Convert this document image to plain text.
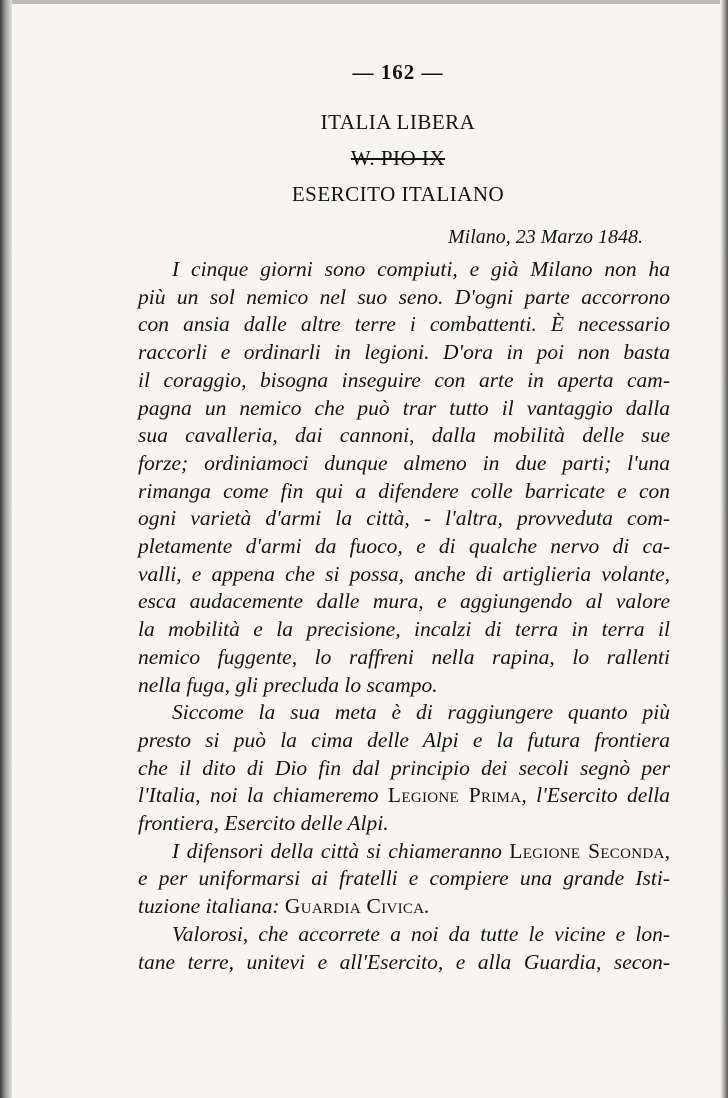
— 162 —
ITALIA LIBERA
W. PIO IX
ESERCITO ITALIANO
Milano, 23 Marzo 1848.
I cinque giorni sono compiuti, e già Milano non ha
più un sol nemico nel suo seno. D'ogni parte accorrono
con ansia dalle altre terre i combattenti. È necessario
raccorli e ordinarli in legioni. D'ora in poi non basta
il coraggio, bisogna inseguire con arte in aperta cam-
pagna un nemico che può trar tutto il vantaggio dalla
sua cavalleria, dai cannoni, dalla mobilità delle sue
forze; ordiniamoci dunque almeno in due parti; l'una
rimanga come fin qui a difendere colle barricate e con
ogni varietà d'armi la città, - l'altra, provveduta com-
pletamente d'armi da fuoco, e di qualche nervo di ca-
valli, e appena che si possa, anche di artiglieria volante,
esca audacemente dalle mura, e aggiungendo al valore
la mobilità e la precisione, incalzi di terra in terra il
nemico fuggente, lo raffreni nella rapina, lo rallenti
nella fuga, gli precluda lo scampo.
Siccome la sua meta è di raggiungere quanto più
presto si può la cima delle Alpi e la futura frontiera
che il dito di Dio fin dal principio dei secoli segnò per
l'Italia, noi la chiameremo Legione Prima, l'Esercito della
frontiera, Esercito delle Alpi.
I difensori della città si chiameranno Legione Seconda,
e per uniformarsi ai fratelli e compiere una grande Isti-
tuzione italiana: Guardia Civica.
Valorosi, che accorrete a noi da tutte le vicine e lon-
tane terre, unitevi e all'Esercito, e alla Guardia, secon-
